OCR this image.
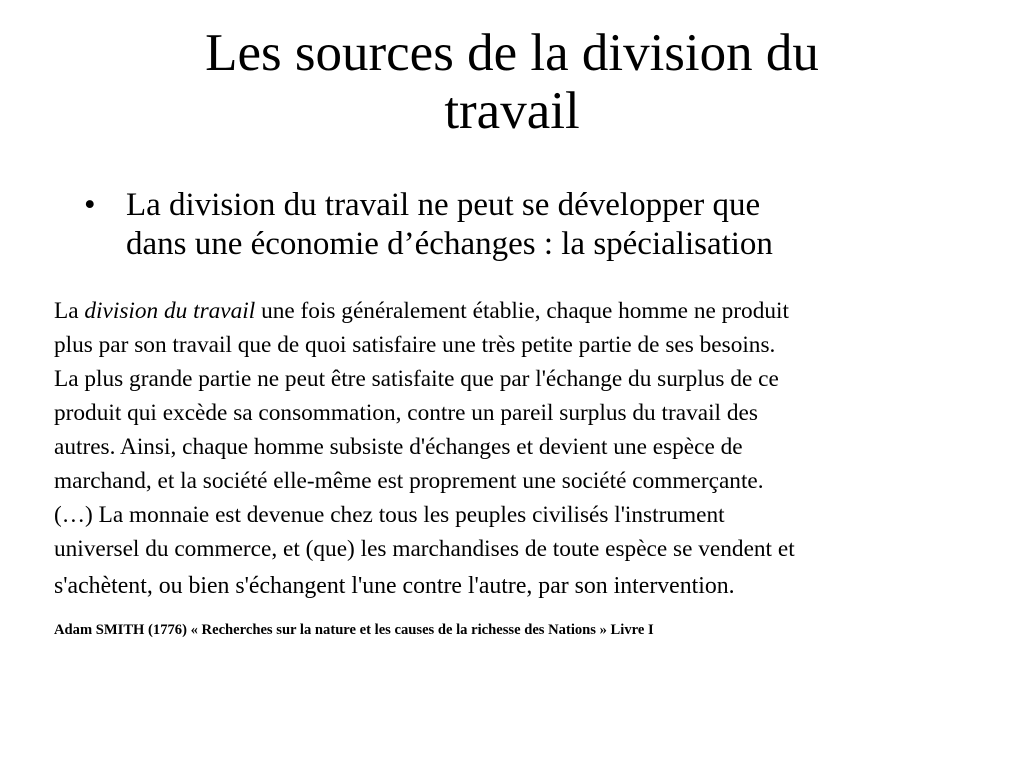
Les sources de la division du
travail
• La division du travail ne peut se développer que
dans une économie d’échanges : la spécialisation

La division du travail une fois généralement établie, chaque homme ne produit
plus par son travail que de quoi satisfaire une très petite partie de ses besoins.
La plus grande partie ne peut être satisfaite que par l'échange du surplus de ce
produit qui excède sa consommation, contre un pareil surplus du travail des
autres. Ainsi, chaque homme subsiste d'échanges et devient une espèce de
marchand, et la société elle-même est proprement une société commerçante.
(…) La monnaie est devenue chez tous les peuples civilisés l'instrument
universel du commerce, et (que) les marchandises de toute espèce se vendent et
s'achètent, ou bien s'échangent l'une contre l'autre, par son intervention.

Adam SMITH (1776) « Recherches sur la nature et les causes de la richesse des Nations » Livre I
